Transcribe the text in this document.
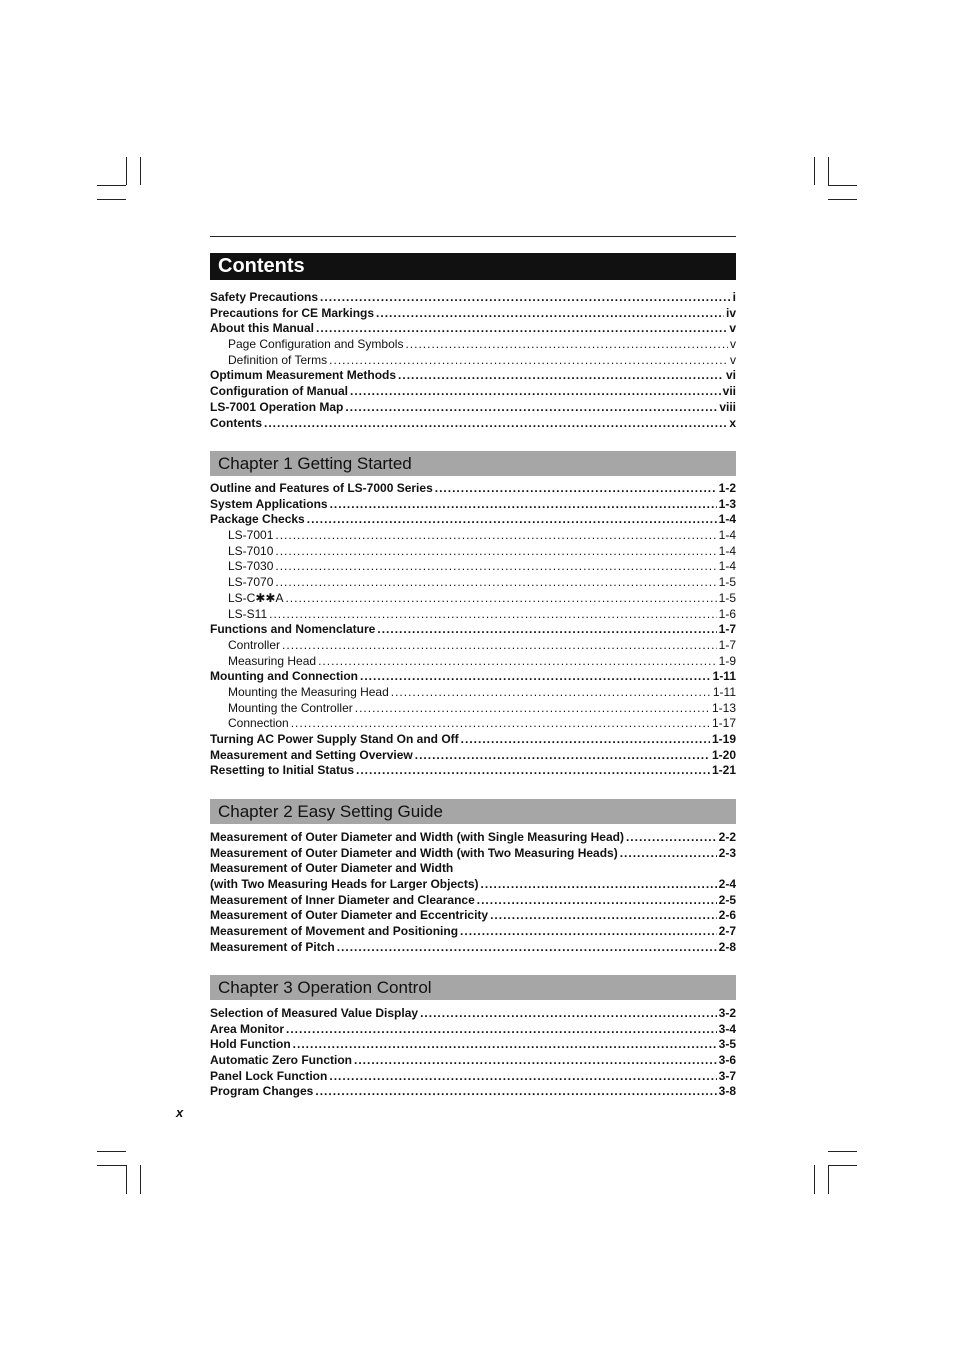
Contents
Safety Precautions .....	i
Precautions for CE Markings .....	iv
About this Manual .....	v
Page Configuration and Symbols .....	v
Definition of Terms .....	v
Optimum Measurement Methods .....	vi
Configuration of Manual .....	vii
LS-7001 Operation Map .....	viii
Contents .....	x
Chapter 1 Getting Started
Outline and Features of LS-7000 Series .....	1-2
System Applications .....	1-3
Package Checks .....	1-4
LS-7001 .....	1-4
LS-7010 .....	1-4
LS-7030 .....	1-4
LS-7070 .....	1-5
LS-C✱✱A .....	1-5
LS-S11 .....	1-6
Functions and Nomenclature .....	1-7
Controller .....	1-7
Measuring Head .....	1-9
Mounting and Connection .....	1-11
Mounting the Measuring Head .....	1-11
Mounting the Controller .....	1-13
Connection .....	1-17
Turning AC Power Supply Stand On and Off .....	1-19
Measurement and Setting Overview .....	1-20
Resetting to Initial Status .....	1-21
Chapter 2 Easy Setting Guide
Measurement of Outer Diameter and Width (with Single Measuring Head) .....	2-2
Measurement of Outer Diameter and Width (with Two Measuring Heads) .....	2-3
Measurement of Outer Diameter and Width
(with Two Measuring Heads for Larger Objects) .....	2-4
Measurement of Inner Diameter and Clearance .....	2-5
Measurement of Outer Diameter and Eccentricity .....	2-6
Measurement of Movement and Positioning .....	2-7
Measurement of Pitch .....	2-8
Chapter 3 Operation Control
Selection of Measured Value Display .....	3-2
Area Monitor .....	3-4
Hold Function .....	3-5
Automatic Zero Function .....	3-6
Panel Lock Function .....	3-7
Program Changes .....	3-8
x
